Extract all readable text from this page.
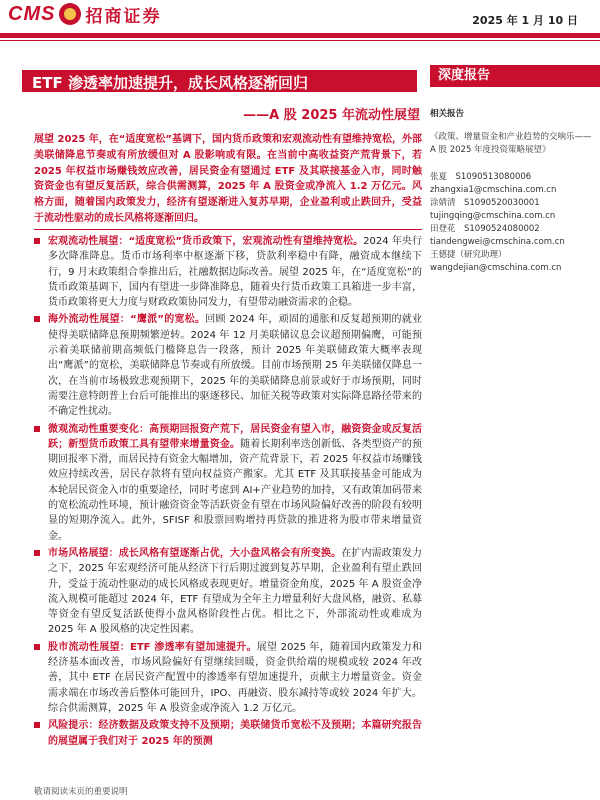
CMS 招商证券	2025 年 1 月 10 日
ETF 渗透率加速提升，成长风格逐渐回归
——A 股 2025 年流动性展望
深度报告
相关报告
《政策、增量资金和产业趋势的交响乐——A 股 2025 年度投资策略展望》
张夏　S1090513080006
zhangxia1@cmschina.com.cn
涂婧清　S1090520030001
tujingqing@cmschina.com.cn
田登花　S1090524080002
tiandengwei@cmschina.com.cn
王德捷（研究助理）
wangdejian@cmschina.com.cn
展望 2025 年，在“适度宽松”基调下，国内货币政策和宏观流动性有望维持宽松，外部美联储降息节奏或有所放缓但对 A 股影响或有限。在当前中高收益资产荒背景下，若 2025 年权益市场赚钱效应改善，居民资金有望通过 ETF 及其联接基金入市，同时触资资金也有望反复活跃，综合供需测算，2025 年 A 股资金或净流入 1.2 万亿元。风格方面，随着国内政策发力，经济有望逐渐进入复苏早期，企业盈利或止跌回升，受益于流动性驱动的成长风格将逐渐回归。
宏观流动性展望：“适度宽松”货币政策下，宏观流动性有望维持宽松。2024 年央行多次降准降息。货币市场利率中枢逐渐下移，贷款利率稳中有降，融资成本继续下行，9 月末政策组合拳推出后，社融数据边际改善。展望 2025 年，在“适度宽松”的货币政策基调下，国内有望进一步降准降息，随着央行货币政策工具箱进一步丰富，货币政策将更大力度与财政政策协同发力，有望带动融资需求的企稳。
海外流动性展望：“鹰派”的宽松。回顾 2024 年，顽固的通胀和反复超预期的就业使得美联储降息预期频繁逆转。2024 年 12 月美联储议息会议超预期偏鹰，可能预示着美联储前期高频低门槛降息告一段落，预计 2025 年美联储政策大概率表现出“鹰派”的宽松，美联储降息节奏或有所放缓。目前市场预期 25 年美联储仅降息一次，在当前市场极致悲观预期下，2025 年的美联储降息前景或好于市场预期，同时需要注意特朗普上台后可能推出的驱逐移民、加征关税等政策对实际降息路径带来的不确定性扰动。
微观流动性重要变化：高预期回报资产荒下，居民资金有望入市，融资资金或反复活跃；新型货币政策工具有望带来增量资金。随着长期利率迭创新低、各类型资产的预期回报率下滑，而居民持有资金大幅增加，资产荒背景下，若 2025 年权益市场赚钱效应持续改善，居民存款将有望向权益资产搬家。尤其 ETF 及其联接基金可能成为本轮居民资金入市的重要途径，同时考虑到 AI+产业趋势的加持，又有政策加码带来的宽松流动性环境，预计融资资金等活跃资金有望在市场风险偏好改善的阶段有较明显的短期净流入。此外，SFISF 和股票回购增持再贷款的推进将为股市带来增量资金。
市场风格展望：成长风格有望逐渐占优，大小盘风格会有所变换。在扩内需政策发力之下，2025 年宏观经济可能从经济下行后期过渡到复苏早期，企业盈利有望止跌回升，受益于流动性驱动的成长风格或表现更好。增量资金角度，2025 年 A 股资金净流入规模可能超过 2024 年，ETF 有望成为全年主力增量利好大盘风格，融资、私募等资金有望反复活跃使得小盘风格阶段性占优。相比之下，外部流动性或难成为 2025 年 A 股风格的决定性因素。
股市流动性展望：ETF 渗透率有望加速提升。展望 2025 年，随着国内政策发力和经济基本面改善，市场风险偏好有望继续回暖，资金供给端的规模或较 2024 年改善，其中 ETF 在居民资产配置中的渗透率有望加速提升，贡献主力增量资金。资金需求端在市场改善后整体可能回升，IPO、再融资、股东减持等或较 2024 年扩大。综合供需测算，2025 年 A 股资金或净流入 1.2 万亿元。
风险提示：经济数据及政策支持不及预期；美联储货币宽松不及预期；本篇研究报告的展望属于我们对于 2025 年的预测
敬请阅读末页的重要说明
